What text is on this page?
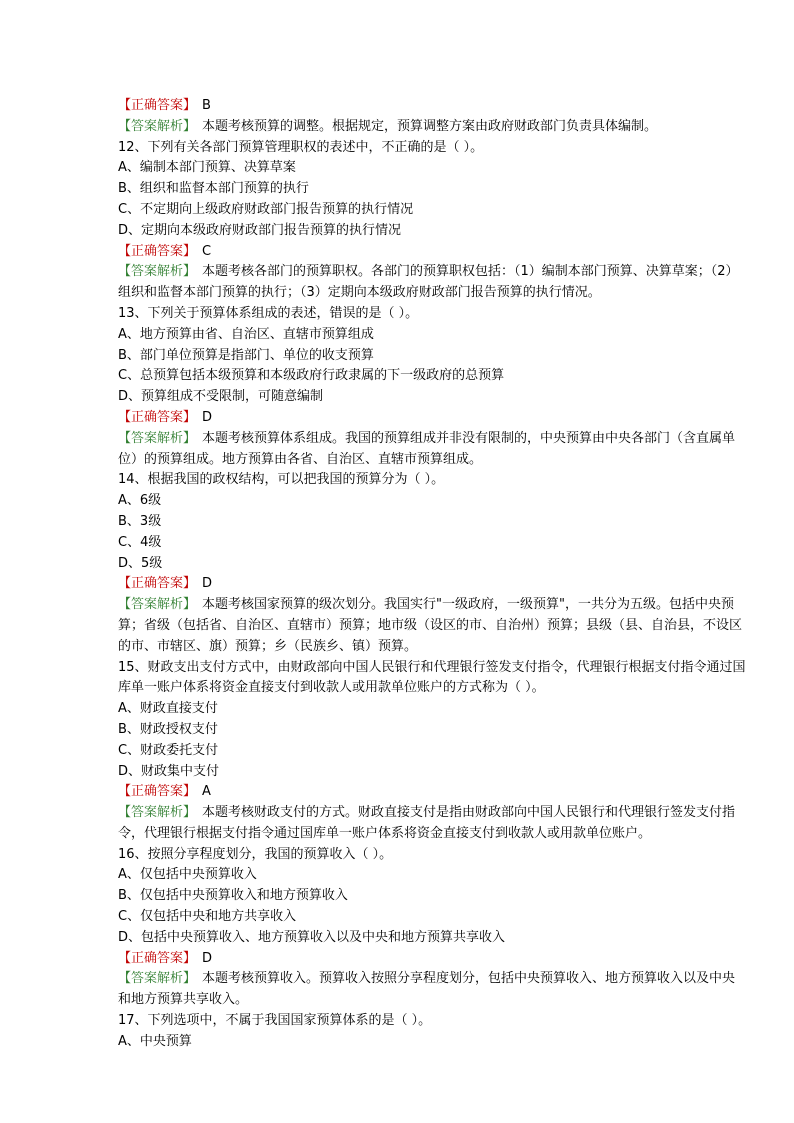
【正确答案】 B
【答案解析】 本题考核预算的调整。根据规定，预算调整方案由政府财政部门负责具体编制。
12、下列有关各部门预算管理职权的表述中，不正确的是（ ）。
A、编制本部门预算、决算草案
B、组织和监督本部门预算的执行
C、不定期向上级政府财政部门报告预算的执行情况
D、定期向本级政府财政部门报告预算的执行情况
【正确答案】 C
【答案解析】 本题考核各部门的预算职权。各部门的预算职权包括：（1）编制本部门预算、决算草案；（2）组织和监督本部门预算的执行；（3）定期向本级政府财政部门报告预算的执行情况。
13、下列关于预算体系组成的表述，错误的是（ ）。
A、地方预算由省、自治区、直辖市预算组成
B、部门单位预算是指部门、单位的收支预算
C、总预算包括本级预算和本级政府行政隶属的下一级政府的总预算
D、预算组成不受限制，可随意编制
【正确答案】 D
【答案解析】 本题考核预算体系组成。我国的预算组成并非没有限制的，中央预算由中央各部门（含直属单位）的预算组成。地方预算由各省、自治区、直辖市预算组成。
14、根据我国的政权结构，可以把我国的预算分为（ ）。
A、6级
B、3级
C、4级
D、5级
【正确答案】 D
【答案解析】 本题考核国家预算的级次划分。我国实行"一级政府，一级预算"，一共分为五级。包括中央预算；省级（包括省、自治区、直辖市）预算；地市级（设区的市、自治州）预算；县级（县、自治县，不设区的市、市辖区、旗）预算；乡（民族乡、镇）预算。
15、财政支出支付方式中，由财政部向中国人民银行和代理银行签发支付指令，代理银行根据支付指令通过国库单一账户体系将资金直接支付到收款人或用款单位账户的方式称为（ ）。
A、财政直接支付
B、财政授权支付
C、财政委托支付
D、财政集中支付
【正确答案】 A
【答案解析】 本题考核财政支付的方式。财政直接支付是指由财政部向中国人民银行和代理银行签发支付指令，代理银行根据支付指令通过国库单一账户体系将资金直接支付到收款人或用款单位账户。
16、按照分享程度划分，我国的预算收入（ ）。
A、仅包括中央预算收入
B、仅包括中央预算收入和地方预算收入
C、仅包括中央和地方共享收入
D、包括中央预算收入、地方预算收入以及中央和地方预算共享收入
【正确答案】 D
【答案解析】 本题考核预算收入。预算收入按照分享程度划分，包括中央预算收入、地方预算收入以及中央和地方预算共享收入。
17、下列选项中，不属于我国国家预算体系的是（ ）。
A、中央预算
